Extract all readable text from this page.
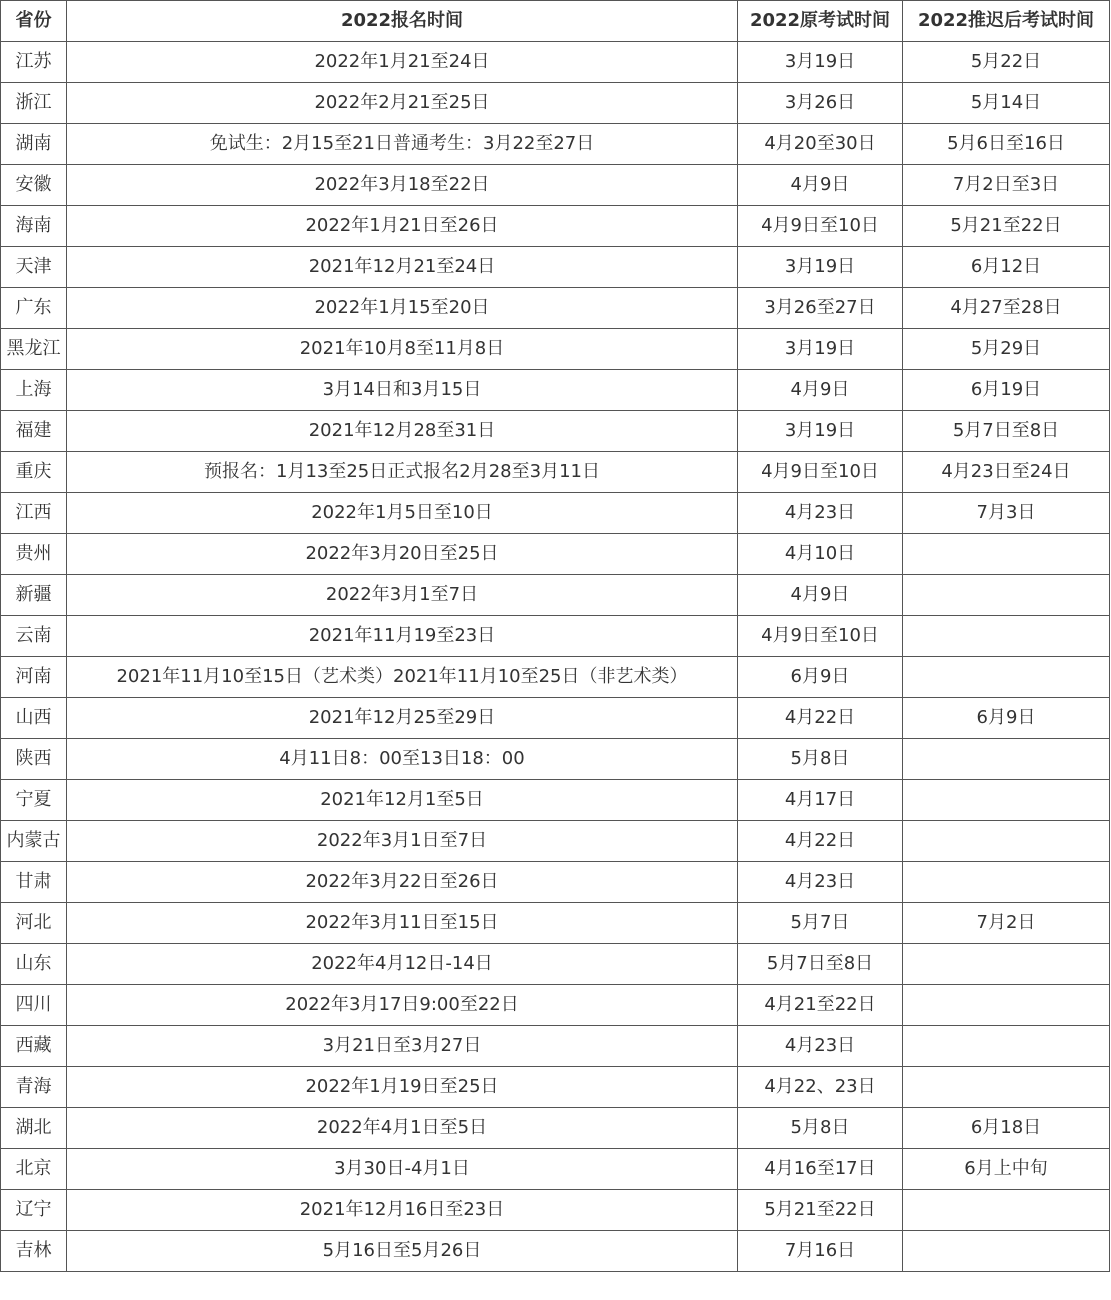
省份	2022报名时间	2022原考试时间	2022推迟后考试时间
江苏	2022年1月21至24日	3月19日	5月22日
浙江	2022年2月21至25日	3月26日	5月14日
湖南	免试生：2月15至21日普通考生：3月22至27日	4月20至30日	5月6日至16日
安徽	2022年3月18至22日	4月9日	7月2日至3日
海南	2022年1月21日至26日	4月9日至10日	5月21至22日
天津	2021年12月21至24日	3月19日	6月12日
广东	2022年1月15至20日	3月26至27日	4月27至28日
黑龙江	2021年10月8至11月8日	3月19日	5月29日
上海	3月14日和3月15日	4月9日	6月19日
福建	2021年12月28至31日	3月19日	5月7日至8日
重庆	预报名：1月13至25日正式报名2月28至3月11日	4月9日至10日	4月23日至24日
江西	2022年1月5日至10日	4月23日	7月3日
贵州	2022年3月20日至25日	4月10日	
新疆	2022年3月1至7日	4月9日	
云南	2021年11月19至23日	4月9日至10日	
河南	2021年11月10至15日（艺术类）2021年11月10至25日（非艺术类）	6月9日	
山西	2021年12月25至29日	4月22日	6月9日
陕西	4月11日8：00至13日18：00	5月8日	
宁夏	2021年12月1至5日	4月17日	
内蒙古	2022年3月1日至7日	4月22日	
甘肃	2022年3月22日至26日	4月23日	
河北	2022年3月11日至15日	5月7日	7月2日
山东	2022年4月12日-14日	5月7日至8日	
四川	2022年3月17日9:00至22日	4月21至22日	
西藏	3月21日至3月27日	4月23日	
青海	2022年1月19日至25日	4月22、23日	
湖北	2022年4月1日至5日	5月8日	6月18日
北京	3月30日-4月1日	4月16至17日	6月上中旬
辽宁	2021年12月16日至23日	5月21至22日	
吉林	5月16日至5月26日	7月16日	
